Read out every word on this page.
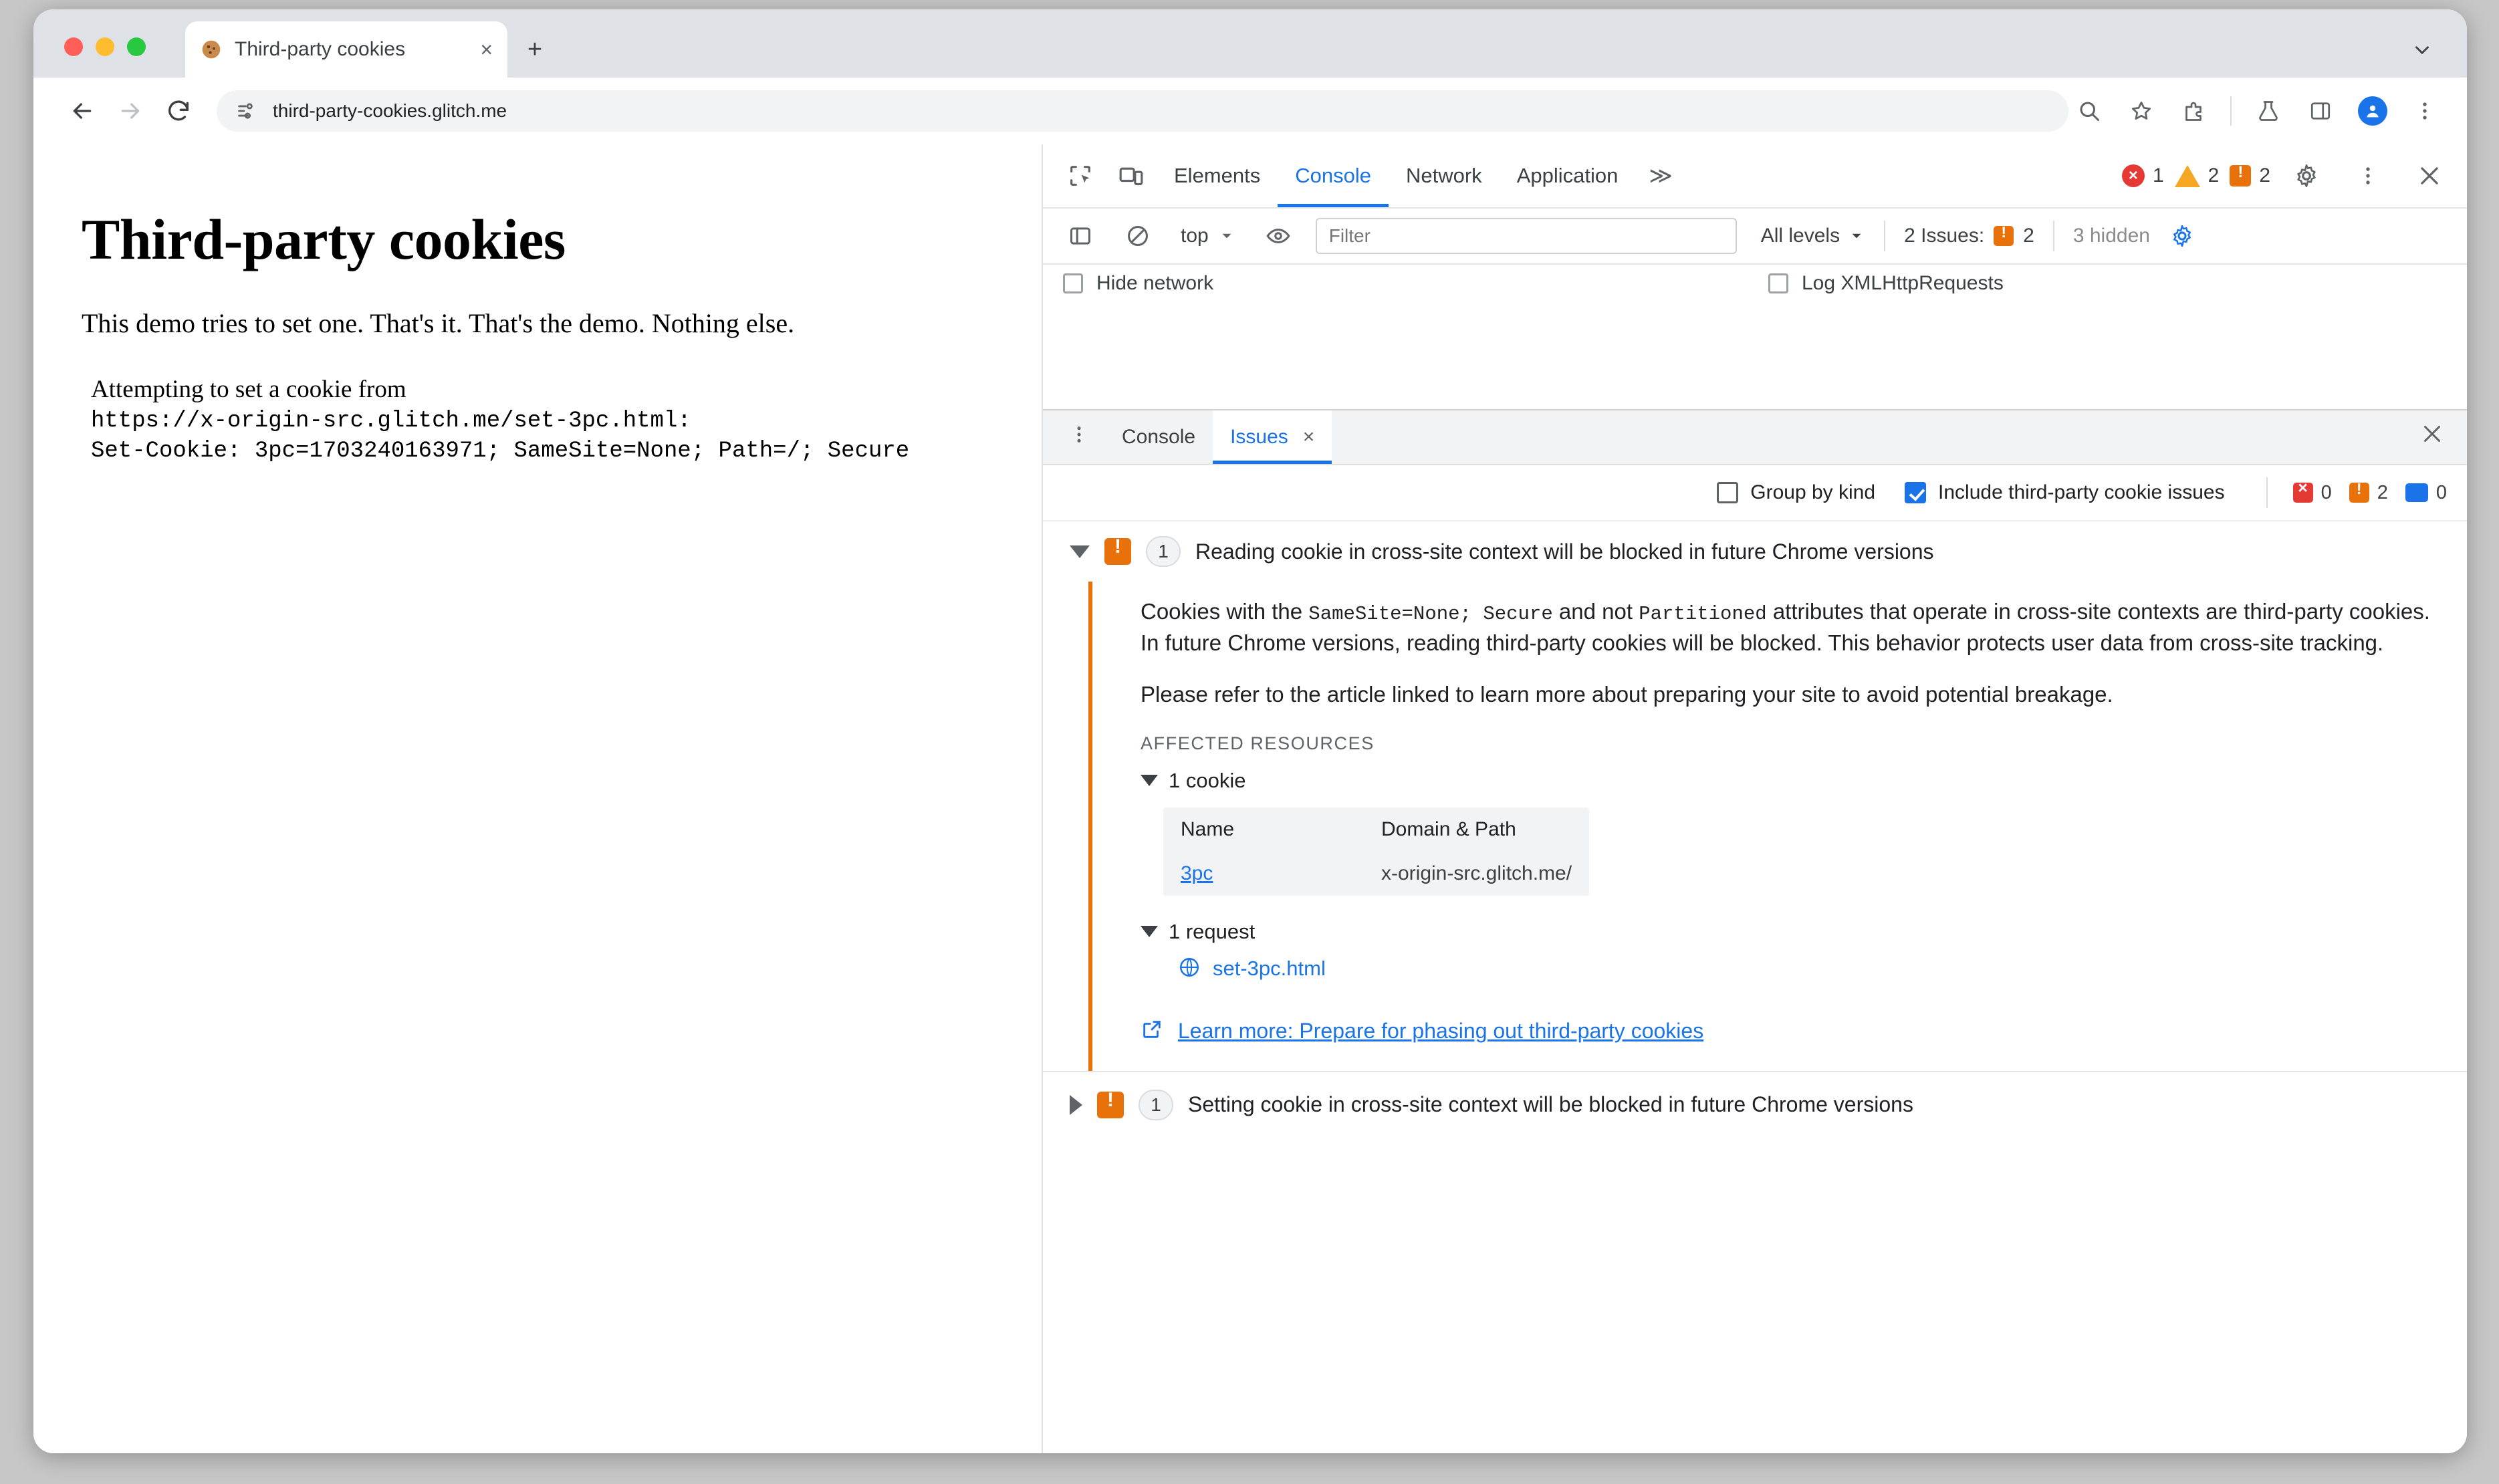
Third-party cookies	×	+
third-party-cookies.glitch.me
Third-party cookies

This demo tries to set one. That's it. That's the demo. Nothing else.

Attempting to set a cookie from
https://x-origin-src.glitch.me/set-3pc.html:
Set-Cookie: 3pc=1703240163971; SameSite=None; Path=/; Secure
Elements	Console	Network	Application	≫	× 1 2 ! 2
top
Filter	All levels	2 Issues: ! 2 3 hidden
Hide network	Log XMLHttpRequests
Console	Issues ×
Group by kind	Include third-party cookie issues ×	0 ! 2 0
!
1	Reading cookie in cross-site context will be blocked in future Chrome versions

Cookies with the SameSite=None; Secure and not Partitioned attributes that operate in cross-site contexts are third-party cookies. In future Chrome versions, reading third-party cookies will be blocked. This behavior protects user data from cross-site tracking.

Please refer to the article linked to learn more about preparing your site to avoid potential breakage.

AFFECTED RESOURCES
1 cookie
Name	Domain & Path
3pc	x-origin-src.glitch.me/
1 request
set-3pc.html
Learn more: Prepare for phasing out third-party cookies
!
1	Setting cookie in cross-site context will be blocked in future Chrome versions
